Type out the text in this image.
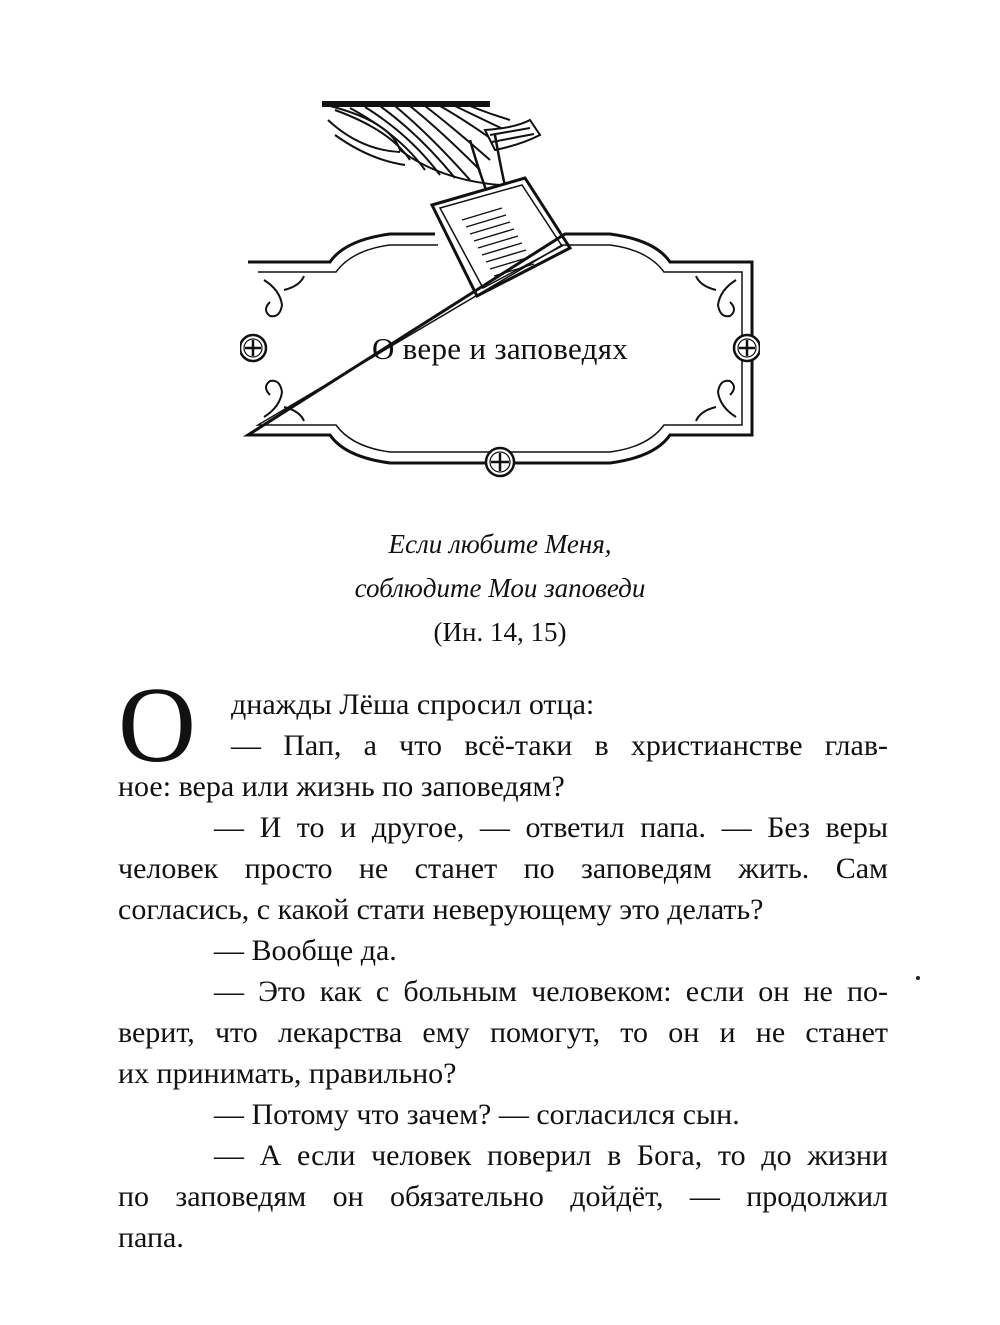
О вере и заповедях
Если любите Меня,
соблюдите Мои заповеди
(Ин. 14, 15)
О	днажды Лёша спросил отца:
— Пап, а что всё-таки в христианстве глав-
ное: вера или жизнь по заповедям?
— И то и другое, — ответил папа. — Без веры
человек просто не станет по заповедям жить. Сам
согласись, с какой стати неверующему это делать?
— Вообще да.
— Это как с больным человеком: если он не по-
верит, что лекарства ему помогут, то он и не станет
их принимать, правильно?
— Потому что зачем? — согласился сын.
— А если человек поверил в Бога, то до жизни
по заповедям он обязательно дойдёт, — продолжил
папа.
